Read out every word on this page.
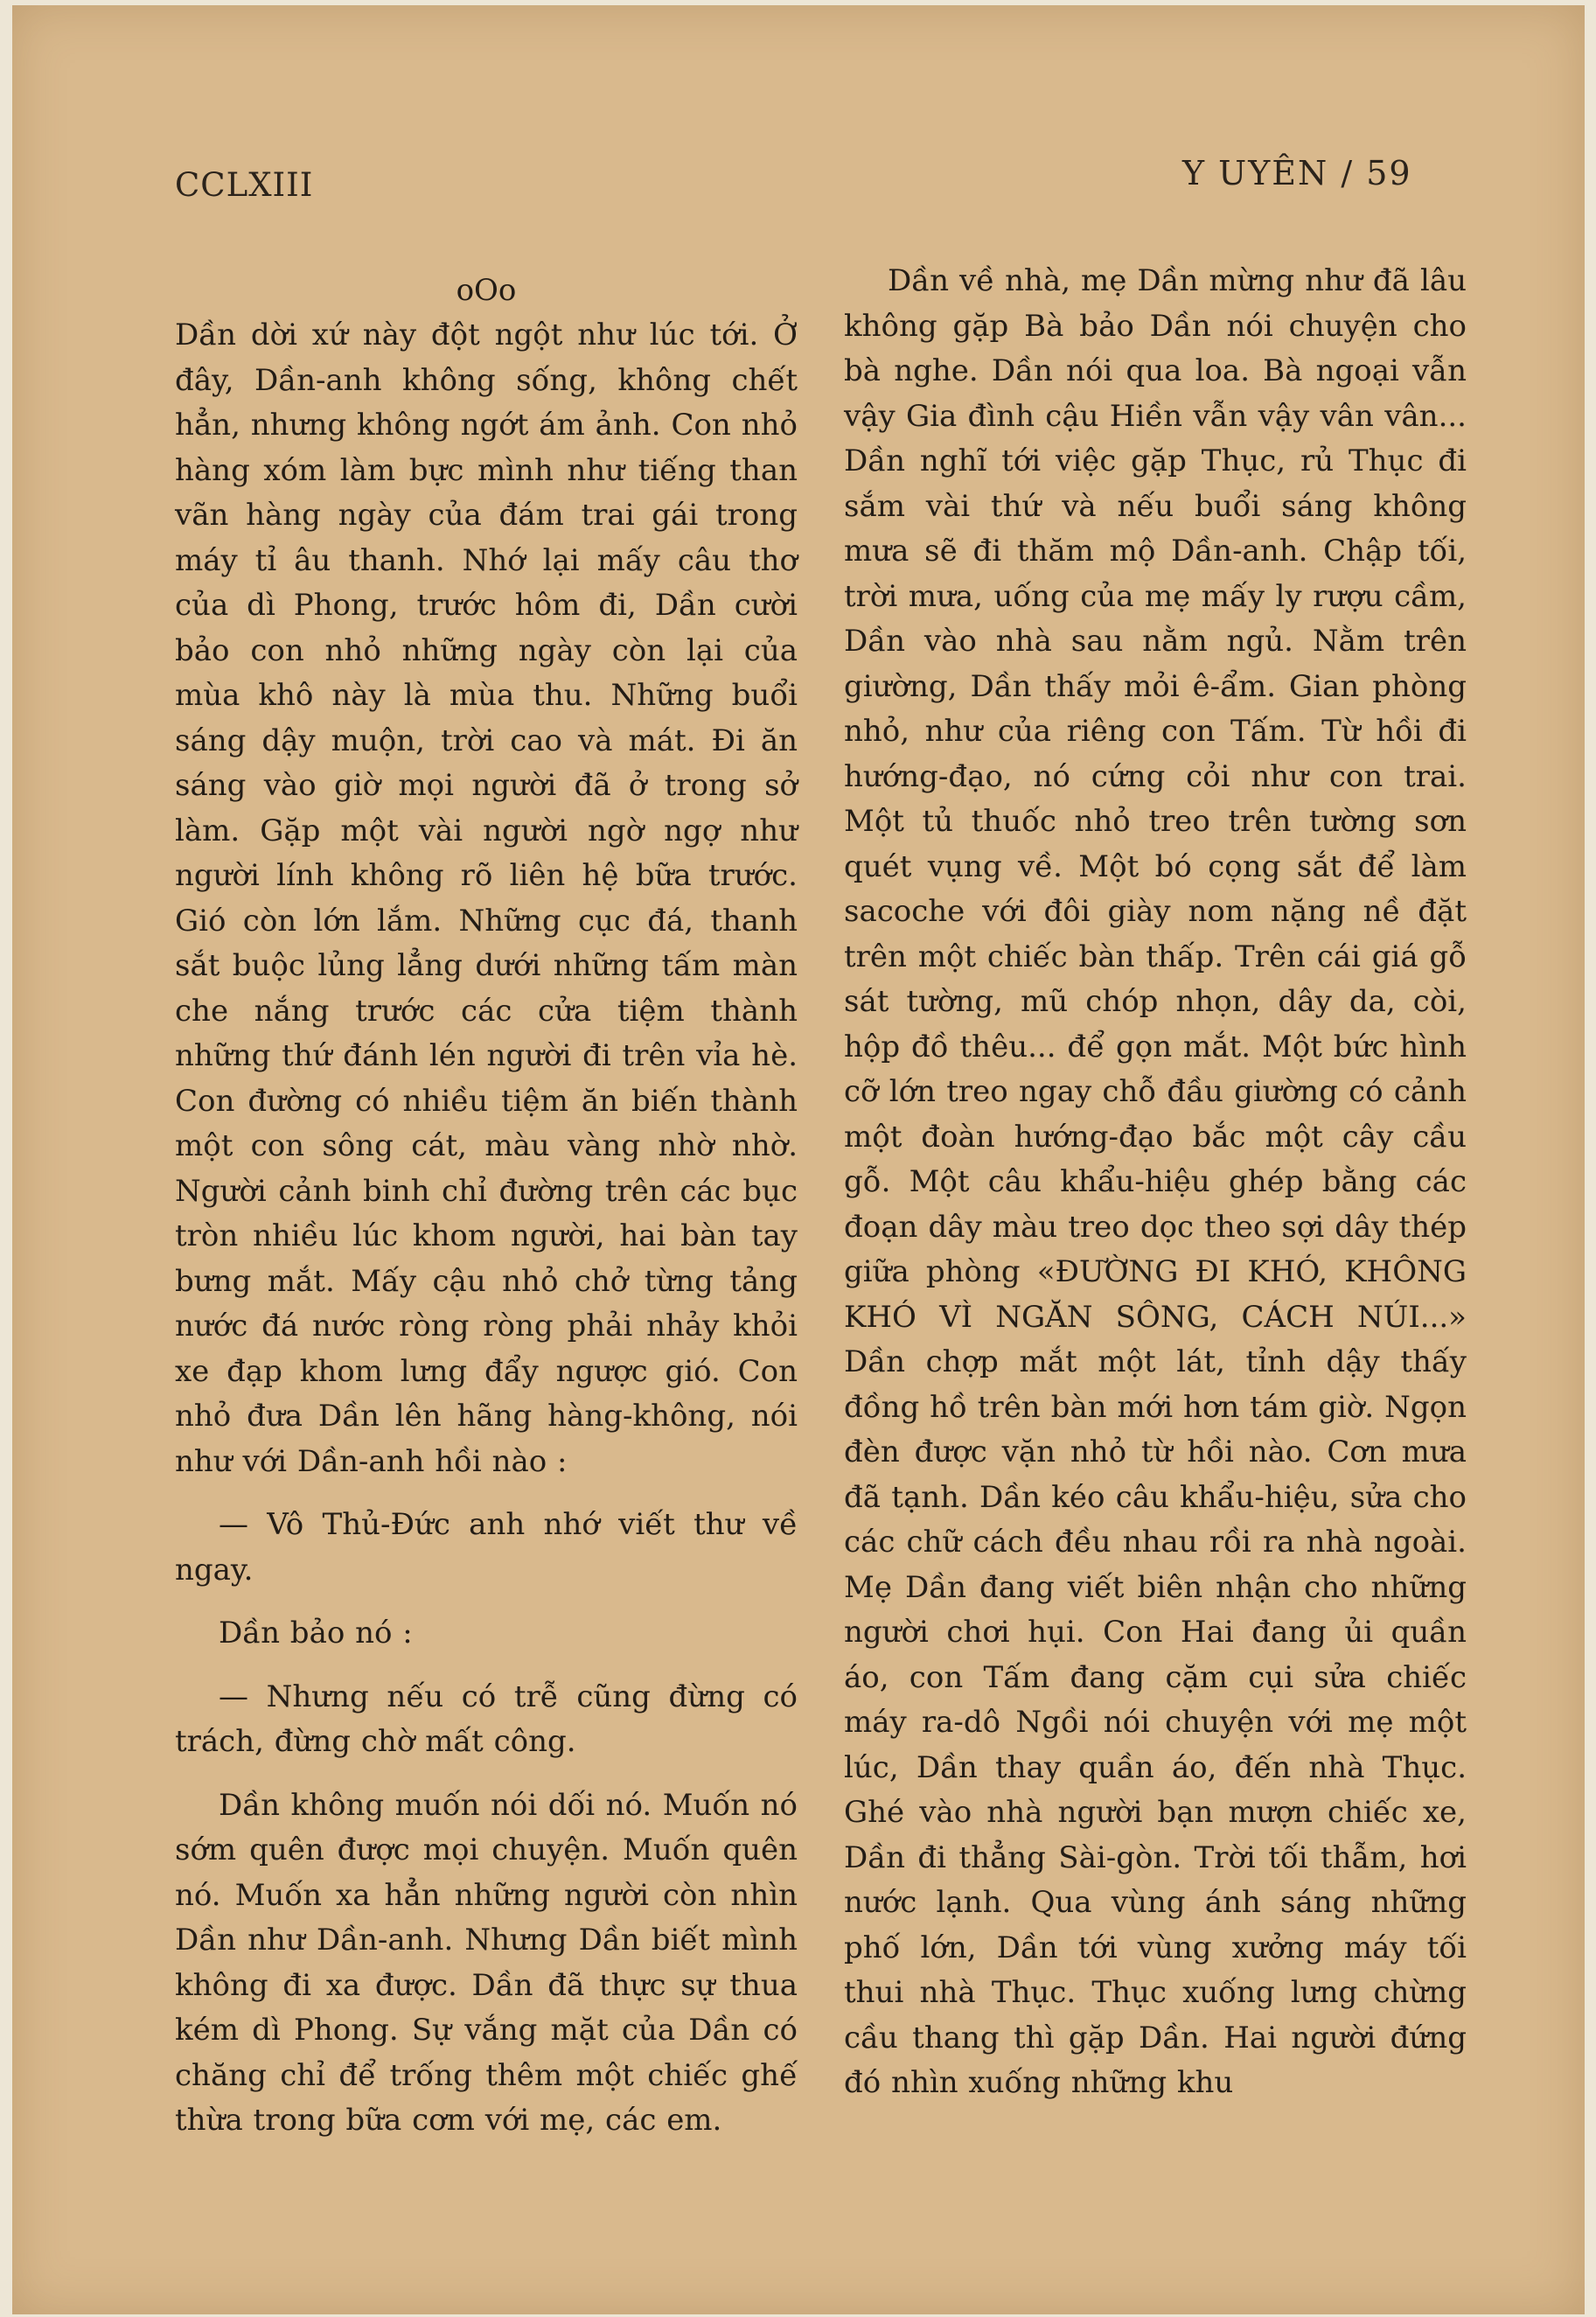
CCLXIII	Y UYÊN / 59

oOo

Dần dời xứ này đột ngột như lúc tới. Ở đây, Dần-anh không sống, không chết hẳn, nhưng không ngớt ám ảnh. Con nhỏ hàng xóm làm bực mình như tiếng than vãn hàng ngày của đám trai gái trong máy tỉ âu thanh. Nhớ lại mấy câu thơ của dì Phong, trước hôm đi, Dần cười bảo con nhỏ những ngày còn lại của mùa khô này là mùa thu. Những buổi sáng dậy muộn, trời cao và mát. Đi ăn sáng vào giờ mọi người đã ở trong sở làm. Gặp một vài người ngờ ngợ như người lính không rõ liên hệ bữa trước. Gió còn lớn lắm. Những cục đá, thanh sắt buộc lủng lẳng dưới những tấm màn che nắng trước các cửa tiệm thành những thứ đánh lén người đi trên vỉa hè. Con đường có nhiều tiệm ăn biến thành một con sông cát, màu vàng nhờ nhờ. Người cảnh binh chỉ đường trên các bục tròn nhiều lúc khom người, hai bàn tay bưng mắt. Mấy cậu nhỏ chở từng tảng nước đá nước ròng ròng phải nhảy khỏi xe đạp khom lưng đẩy ngược gió. Con nhỏ đưa Dần lên hãng hàng-không, nói như với Dần-anh hồi nào :

— Vô Thủ-Đức anh nhớ viết thư về ngay.

Dần bảo nó :

— Nhưng nếu có trễ cũng đừng có trách, đừng chờ mất công.

Dần không muốn nói dối nó. Muốn nó sớm quên được mọi chuyện. Muốn quên nó. Muốn xa hẳn những người còn nhìn Dần như Dần-anh. Nhưng Dần biết mình không đi xa được. Dần đã thực sự thua kém dì Phong. Sự vắng mặt của Dần có chăng chỉ để trống thêm một chiếc ghế thừa trong bữa cơm với mẹ, các em.

Dần về nhà, mẹ Dần mừng như đã lâu không gặp Bà bảo Dần nói chuyện cho bà nghe. Dần nói qua loa. Bà ngoại vẫn vậy Gia đình cậu Hiền vẫn vậy vân vân... Dần nghĩ tới việc gặp Thục, rủ Thục đi sắm vài thứ và nếu buổi sáng không mưa sẽ đi thăm mộ Dần-anh. Chập tối, trời mưa, uống của mẹ mấy ly rượu cầm, Dần vào nhà sau nằm ngủ. Nằm trên giường, Dần thấy mỏi ê-ẩm. Gian phòng nhỏ, như của riêng con Tấm. Từ hồi đi hướng-đạo, nó cứng cỏi như con trai. Một tủ thuốc nhỏ treo trên tường sơn quét vụng về. Một bó cọng sắt để làm sacoche với đôi giày nom nặng nề đặt trên một chiếc bàn thấp. Trên cái giá gỗ sát tường, mũ chóp nhọn, dây da, còi, hộp đồ thêu... để gọn mắt. Một bức hình cỡ lớn treo ngay chỗ đầu giường có cảnh một đoàn hướng-đạo bắc một cây cầu gỗ. Một câu khẩu-hiệu ghép bằng các đoạn dây màu treo dọc theo sợi dây thép giữa phòng «ĐƯỜNG ĐI KHÓ, KHÔNG KHÓ VÌ NGĂN SÔNG, CÁCH NÚI...» Dần chợp mắt một lát, tỉnh dậy thấy đồng hồ trên bàn mới hơn tám giờ. Ngọn đèn được vặn nhỏ từ hồi nào. Cơn mưa đã tạnh. Dần kéo câu khẩu-hiệu, sửa cho các chữ cách đều nhau rồi ra nhà ngoài. Mẹ Dần đang viết biên nhận cho những người chơi hụi. Con Hai đang ủi quần áo, con Tấm đang cặm cụi sửa chiếc máy ra-dô Ngồi nói chuyện với mẹ một lúc, Dần thay quần áo, đến nhà Thục. Ghé vào nhà người bạn mượn chiếc xe, Dần đi thẳng Sài-gòn. Trời tối thẫm, hơi nước lạnh. Qua vùng ánh sáng những phố lớn, Dần tới vùng xưởng máy tối thui nhà Thục. Thục xuống lưng chừng cầu thang thì gặp Dần. Hai người đứng đó nhìn xuống những khu
